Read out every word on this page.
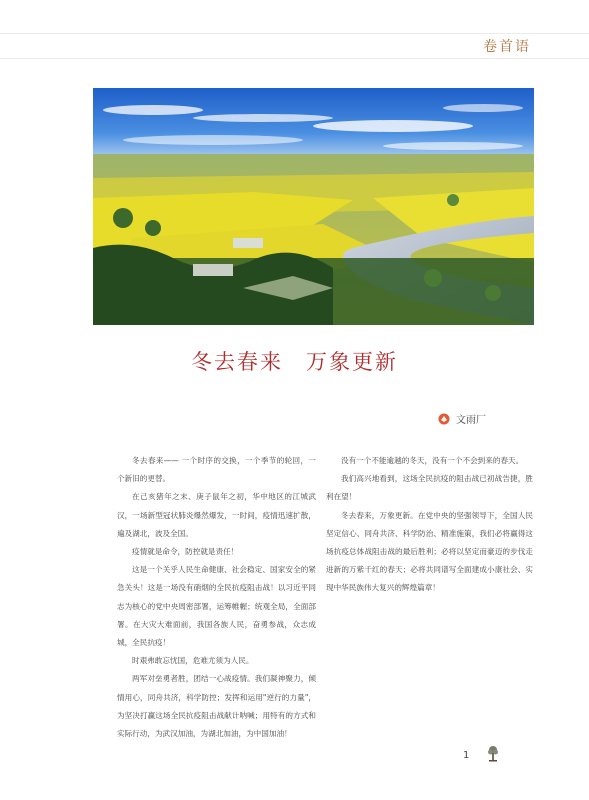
卷首语
冬去春来　万象更新
文雨厂

冬去春来—— 一个时序的交换，一个季节的轮回，一个新旧的更替。

在己亥猪年之末、庚子鼠年之初，华中地区的江城武汉，一场新型冠状肺炎爆然爆发，一时间，疫情迅速扩散，遍及湖北，波及全国。

疫情就是命令，防控就是责任！

这是一个关乎人民生命健康、社会稳定、国家安全的紧急关头！这是一场没有硝烟的全民抗疫阻击战！以习近平同志为核心的党中央周密部署，运筹帷幄；统观全局，全面部署。在大灾大难面前，我国各族人民，奋勇参战，众志成城，全民抗疫！

时艰弗敢忘忧国，危难尤须为人民。

两军对垒勇者胜，团结一心战疫情。我们凝神聚力，倾情用心，同舟共济，科学防控；发挥和运用"逆行的力量"，为坚决打赢这场全民抗疫阻击战献计呐喊；用特有的方式和实际行动，为武汉加油，为湖北加油，为中国加油！

没有一个不能逾越的冬天，没有一个不会到来的春天。

我们高兴地看到，这场全民抗疫的阻击战已初战告捷，胜利在望！

冬去春来，万象更新。在党中央的坚强领导下，全国人民坚定信心、同舟共济、科学防治、精准施策，我们必将赢得这场抗疫总体战阻击战的最后胜利；必将以坚定而豪迈的步伐走进新的万紫千红的春天；必将共同谱写全面建成小康社会、实现中华民族伟大复兴的辉煌篇章！

1
